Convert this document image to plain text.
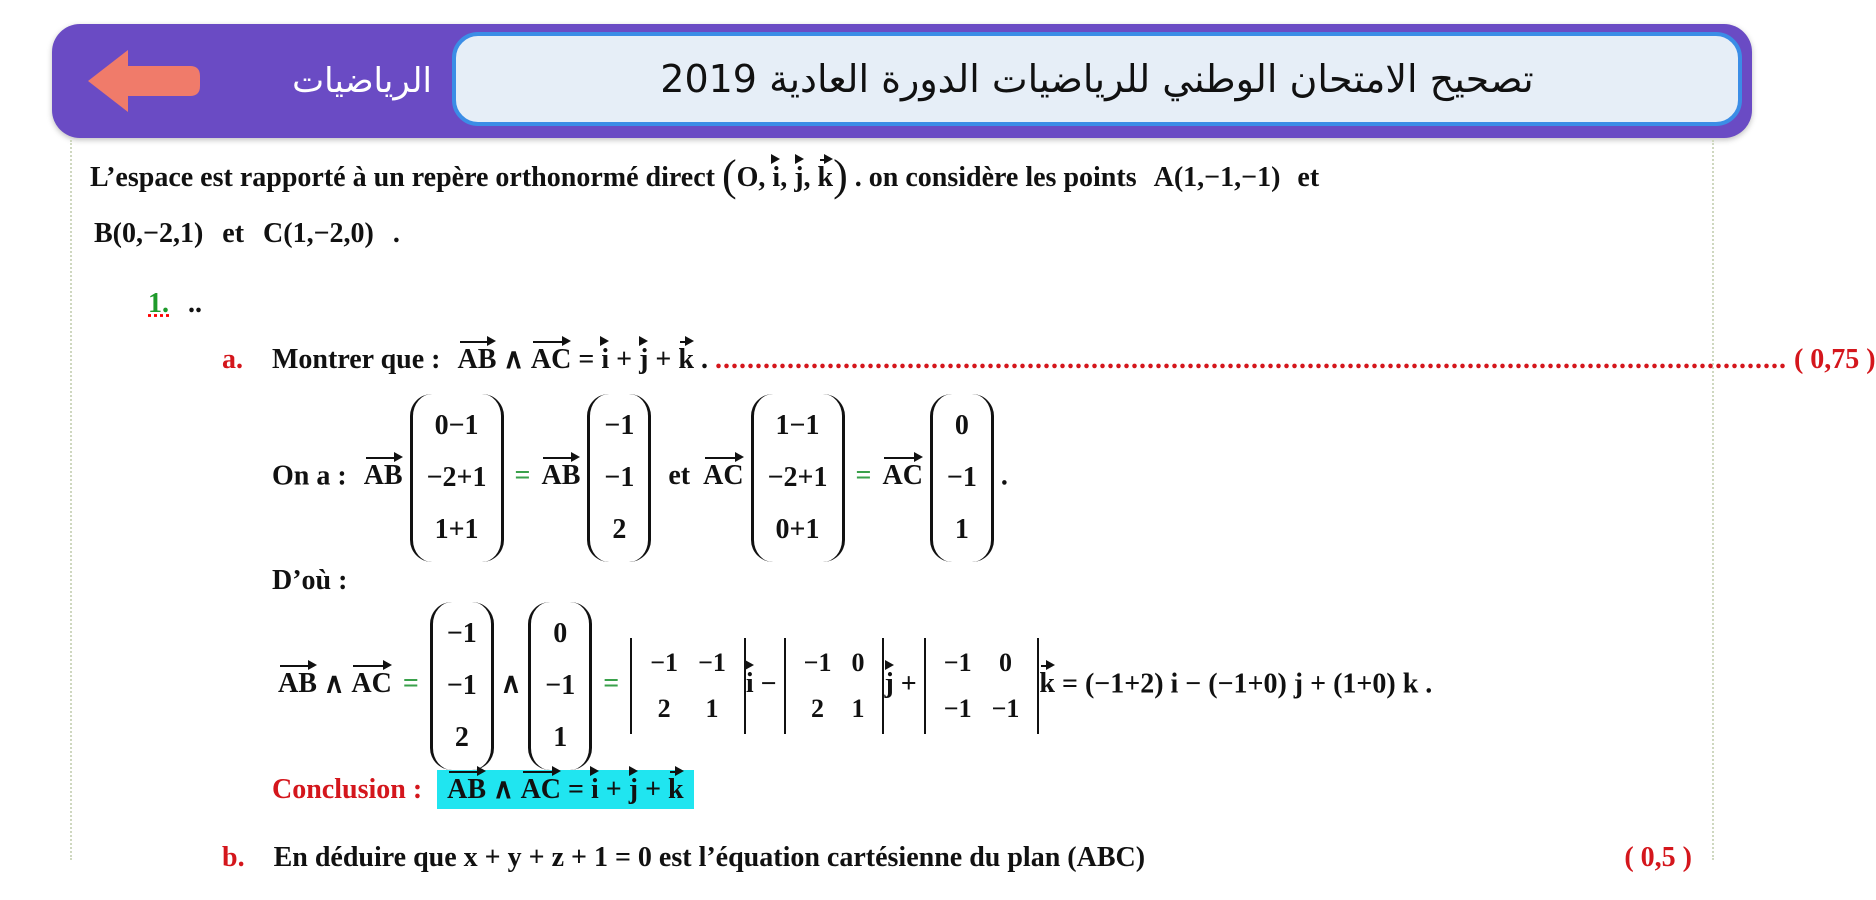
الرياضيات	تصحيح الامتحان الوطني للرياضيات الدورة العادية 2019
L’espace est rapporté à un repère orthonormé direct (O, i, j, k) . on considère les points A(1,−1,−1) et
B(0,−2,1) et C(1,−2,0) .
1. ..
a. Montrer que : AB ∧ AC = i + j + k . ...................................................................................................................................... ( 0,75 )
On a : AB
0−1
−2+1
1+1
= AB
−1
−1
2
et AC
1−1
−2+1
0+1
= AC
0
−1
1
.
D’où :
AB ∧ AC =
−1
−1
2
∧
0
−1
1
=
−1	−1
2	1
i −
−1	0
2	1
j +
−1	0
−1	−1
k = (−1+2) i − (−1+0) j + (1+0) k .
Conclusion : AB ∧ AC = i + j + k
b. En déduire que x + y + z + 1 = 0 est l’équation cartésienne du plan (ABC)	( 0,5 )
